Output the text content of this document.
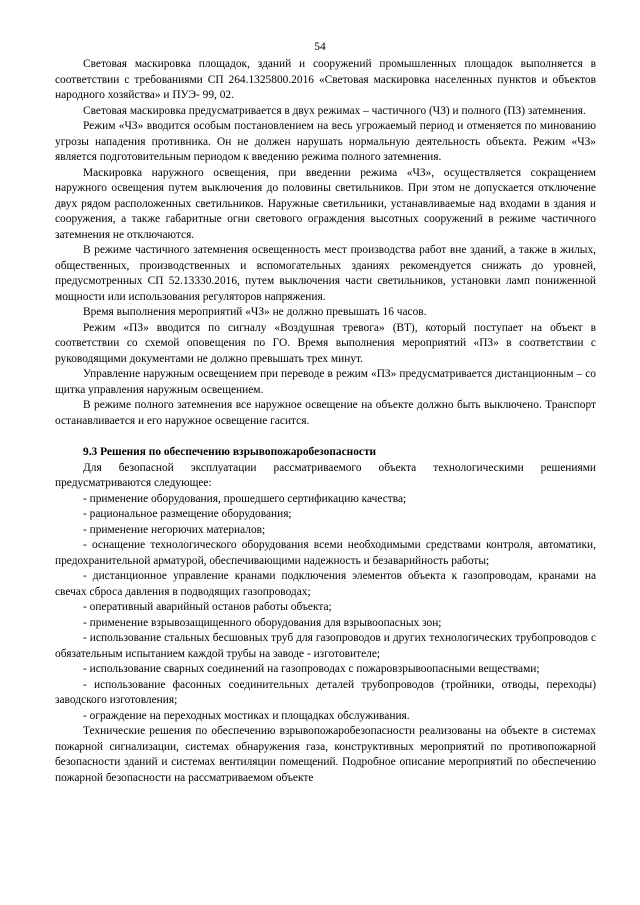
54

Световая маскировка площадок, зданий и сооружений промышленных площадок выполняется в соответствии с требованиями СП 264.1325800.2016 «Световая маскировка населенных пунктов и объектов народного хозяйства» и ПУЭ- 99, 02.

Световая маскировка предусматривается в двух режимах – частичного (ЧЗ) и полного (ПЗ) затемнения.

Режим «ЧЗ» вводится особым постановлением на весь угрожаемый период и отменяется по минованию угрозы нападения противника. Он не должен нарушать нормальную деятельность объекта. Режим «ЧЗ» является подготовительным периодом к введению режима полного затемнения.

Маскировка наружного освещения, при введении режима «ЧЗ», осуществляется сокращением наружного освещения путем выключения до половины светильников. При этом не допускается отключение двух рядом расположенных светильников. Наружные светильники, устанавливаемые над входами в здания и сооружения, а также габаритные огни светового ограждения высотных сооружений в режиме частичного затемнения не отключаются.

В режиме частичного затемнения освещенность мест производства работ вне зданий, а также в жилых, общественных, производственных и вспомогательных зданиях рекомендуется снижать до уровней, предусмотренных СП 52.13330.2016, путем выключения части светильников, установки ламп пониженной мощности или использования регуляторов напряжения.

Время выполнения мероприятий «ЧЗ» не должно превышать 16 часов.

Режим «ПЗ» вводится по сигналу «Воздушная тревога» (ВТ), который поступает на объект в соответствии со схемой оповещения по ГО. Время выполнения мероприятий «ПЗ» в соответствии с руководящими документами не должно превышать трех минут.

Управление наружным освещением при переводе в режим «ПЗ» предусматривается дистанционным – со щитка управления наружным освещением.

В режиме полного затемнения все наружное освещение на объекте должно быть выключено. Транспорт останавливается и его наружное освещение гасится.

9.3 Решения по обеспечению взрывопожаробезопасности

Для безопасной эксплуатации рассматриваемого объекта технологическими решениями предусматриваются следующее:

- применение оборудования, прошедшего сертификацию качества;

- рациональное размещение оборудования;

- применение негорючих материалов;

- оснащение технологического оборудования всеми необходимыми средствами контроля, автоматики, предохранительной арматурой, обеспечивающими надежность и безаварийность работы;

- дистанционное управление кранами подключения элементов объекта к газопроводам, кранами на свечах сброса давления в подводящих газопроводах;

- оперативный аварийный останов работы объекта;

- применение взрывозащищенного оборудования для взрывоопасных зон;

- использование стальных бесшовных труб для газопроводов и других технологических трубопроводов с обязательным испытанием каждой трубы на заводе - изготовителе;

- использование сварных соединений на газопроводах с пожаровзрывоопасными веществами;

- использование фасонных соединительных деталей трубопроводов (тройники, отводы, переходы) заводского изготовления;

- ограждение на переходных мостиках и площадках обслуживания.

Технические решения по обеспечению взрывопожаробезопасности реализованы на объекте в системах пожарной сигнализации, системах обнаружения газа, конструктивных мероприятий по противопожарной безопасности зданий и системах вентиляции помещений. Подробное описание мероприятий по обеспечению пожарной безопасности на рассматриваемом объекте
